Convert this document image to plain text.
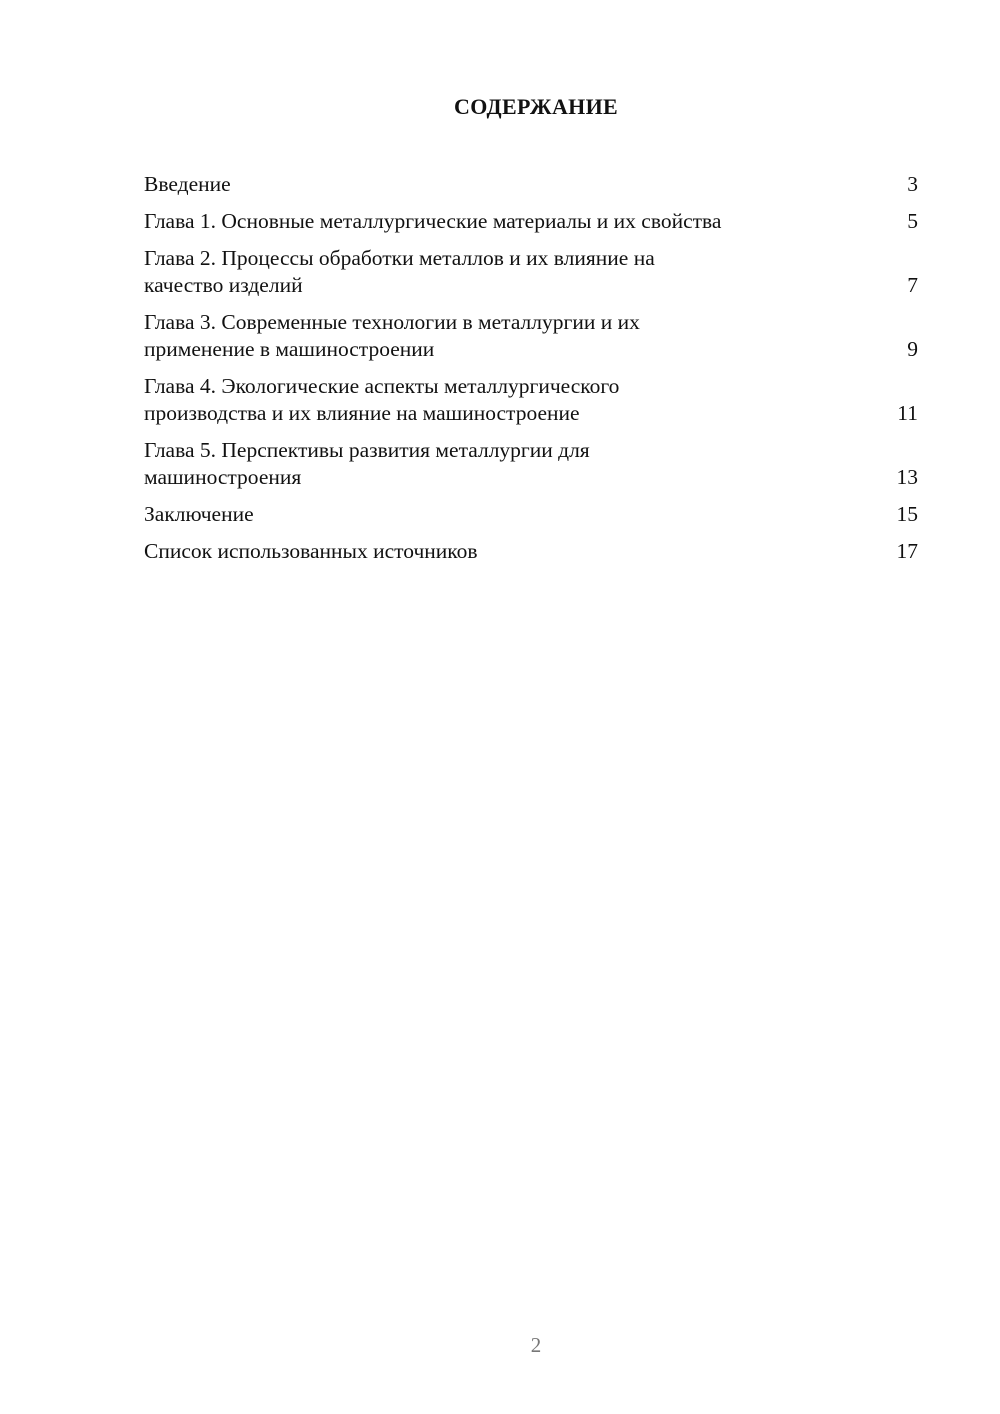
СОДЕРЖАНИЕ
Введение	3
Глава 1. Основные металлургические материалы и их свойства	5
Глава 2. Процессы обработки металлов и их влияние на
качество изделий	7
Глава 3. Современные технологии в металлургии и их
применение в машиностроении	9
Глава 4. Экологические аспекты металлургического
производства и их влияние на машиностроение	11
Глава 5. Перспективы развития металлургии для
машиностроения	13
Заключение	15
Список использованных источников	17
2
